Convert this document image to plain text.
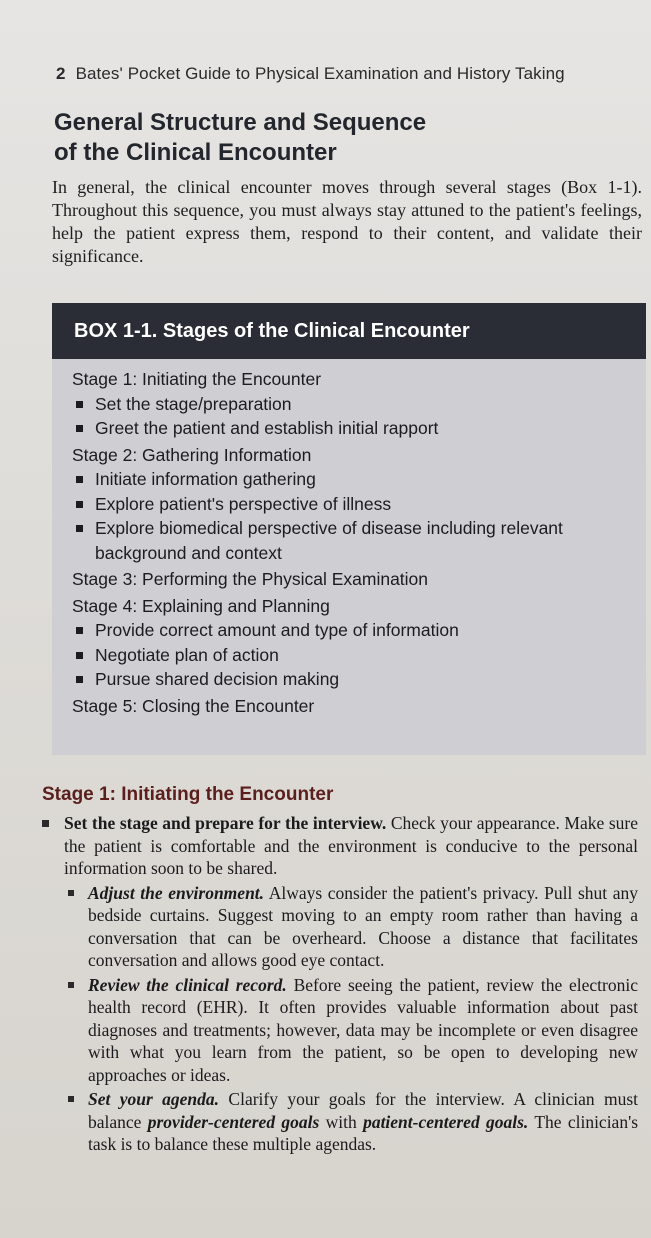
2 Bates' Pocket Guide to Physical Examination and History Taking
General Structure and Sequence
of the Clinical Encounter
In general, the clinical encounter moves through several stages (Box 1-1). Throughout this sequence, you must always stay attuned to the patient's feelings, help the patient express them, respond to their content, and validate their significance.
BOX 1-1. Stages of the Clinical Encounter
Stage 1: Initiating the Encounter
Set the stage/preparation
Greet the patient and establish initial rapport
Stage 2: Gathering Information
Initiate information gathering
Explore patient's perspective of illness
Explore biomedical perspective of disease including relevant background and context
Stage 3: Performing the Physical Examination
Stage 4: Explaining and Planning
Provide correct amount and type of information
Negotiate plan of action
Pursue shared decision making
Stage 5: Closing the Encounter
Stage 1: Initiating the Encounter
Set the stage and prepare for the interview. Check your appearance. Make sure the patient is comfortable and the environment is conducive to the personal information soon to be shared.
Adjust the environment. Always consider the patient's privacy. Pull shut any bedside curtains. Suggest moving to an empty room rather than having a conversation that can be overheard. Choose a distance that facilitates conversation and allows good eye contact.
Review the clinical record. Before seeing the patient, review the electronic health record (EHR). It often provides valuable information about past diagnoses and treatments; however, data may be incomplete or even disagree with what you learn from the patient, so be open to developing new approaches or ideas.
Set your agenda. Clarify your goals for the interview. A clinician must balance provider-centered goals with patient-centered goals. The clinician's task is to balance these multiple agendas.
